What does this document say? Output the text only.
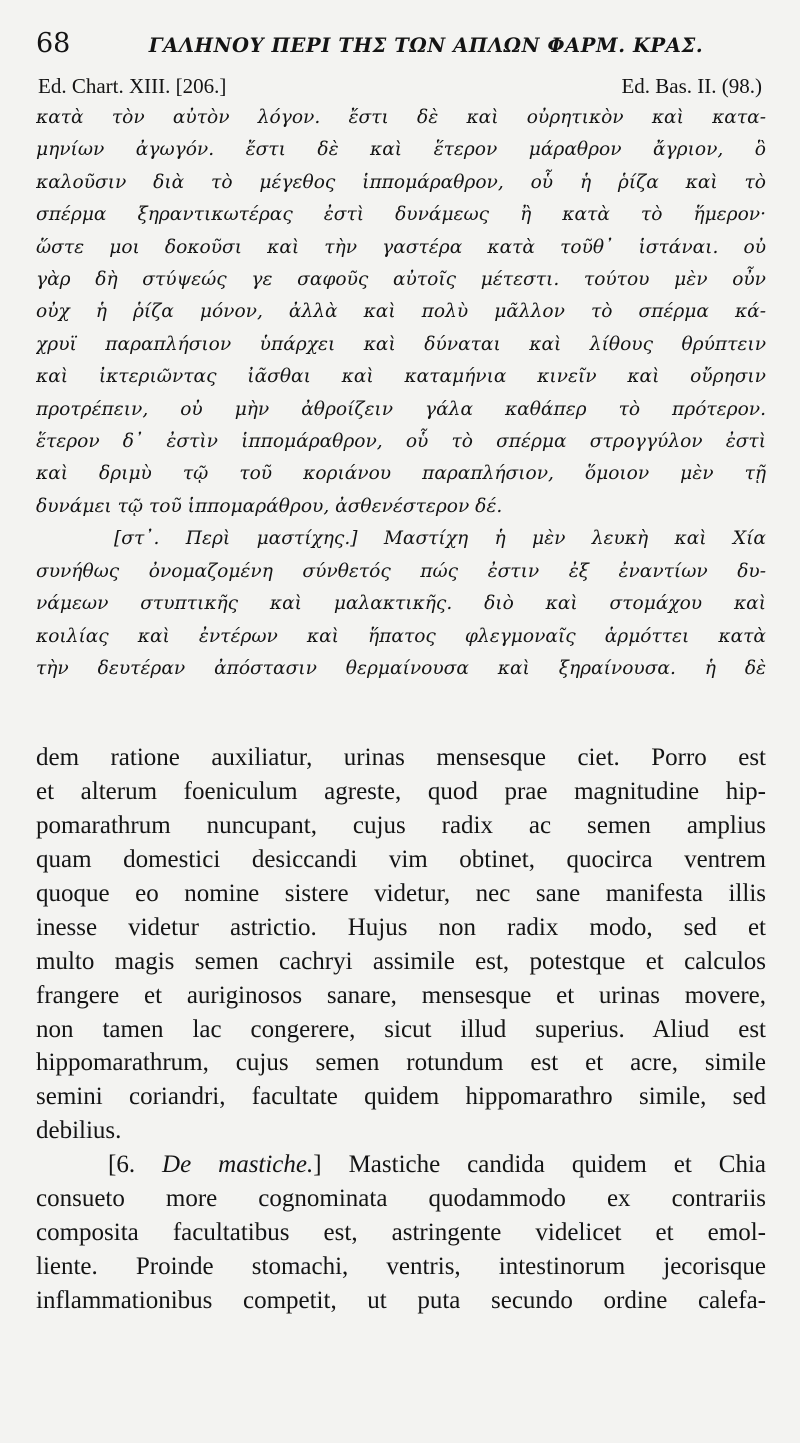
68	ΓΑΛΗΝΟΥ ΠΕΡΙ ΤΗΣ ΤΩΝ ΑΠΛΩΝ ΦΑΡΜ. ΚΡΑΣ.
Ed. Chart. XIII. [206.]	Ed. Bas. II. (98.)
κατὰ τὸν αὐτὸν λόγον. ἔστι δὲ καὶ οὐρητικὸν καὶ κατα-
μηνίων ἀγωγόν. ἔστι δὲ καὶ ἕτερον μάραθρον ἄγριον, ὃ
καλοῦσιν διὰ τὸ μέγεθος ἱππομάραθρον, οὗ ἡ ῥίζα καὶ τὸ
σπέρμα ξηραντικωτέρας ἐστὶ δυνάμεως ἢ κατὰ τὸ ἥμερον·
ὥστε μοι δοκοῦσι καὶ τὴν γαστέρα κατὰ τοῦθ᾽ ἱστάναι. οὐ
γὰρ δὴ στύψεώς γε σαφοῦς αὐτοῖς μέτεστι. τούτου μὲν οὖν
οὐχ ἡ ῥίζα μόνον, ἀλλὰ καὶ πολὺ μᾶλλον τὸ σπέρμα κά-
χρυϊ παραπλήσιον ὑπάρχει καὶ δύναται καὶ λίθους θρύπτειν
καὶ ἰκτεριῶντας ἰᾶσθαι καὶ καταμήνια κινεῖν καὶ οὔρησιν
προτρέπειν, οὐ μὴν ἀθροίζειν γάλα καθάπερ τὸ πρότερον.
ἕτερον δ᾽ ἐστὶν ἱππομάραθρον, οὗ τὸ σπέρμα στρογγύλον ἐστὶ
καὶ δριμὺ τῷ τοῦ κοριάνου παραπλήσιον, ὅμοιον μὲν τῇ
δυνάμει τῷ τοῦ ἱππομαράθρου, ἀσθενέστερον δέ.
[στ᾽. Περὶ μαστίχης.] Μαστίχη ἡ μὲν λευκὴ καὶ Χία
συνήθως ὀνομαζομένη σύνθετός πώς ἐστιν ἐξ ἐναντίων δυ-
νάμεων στυπτικῆς καὶ μαλακτικῆς. διὸ καὶ στομάχου καὶ
κοιλίας καὶ ἐντέρων καὶ ἥπατος φλεγμοναῖς ἁρμόττει κατὰ
τὴν δευτέραν ἀπόστασιν θερμαίνουσα καὶ ξηραίνουσα. ἡ δὲ
dem ratione auxiliatur, urinas mensesque ciet. Porro est
et alterum foeniculum agreste, quod prae magnitudine hip-
pomarathrum nuncupant, cujus radix ac semen amplius
quam domestici desiccandi vim obtinet, quocirca ventrem
quoque eo nomine sistere videtur, nec sane manifesta illis
inesse videtur astrictio. Hujus non radix modo, sed et
multo magis semen cachryi assimile est, potestque et calculos
frangere et auriginosos sanare, mensesque et urinas movere,
non tamen lac congerere, sicut illud superius. Aliud est
hippomarathrum, cujus semen rotundum est et acre, simile
semini coriandri, facultate quidem hippomarathro simile, sed
debilius.
[6. De mastiche.] Mastiche candida quidem et Chia
consueto more cognominata quodammodo ex contrariis
composita facultatibus est, astringente videlicet et emol-
liente. Proinde stomachi, ventris, intestinorum jecorisque
inflammationibus competit, ut puta secundo ordine calefa-
